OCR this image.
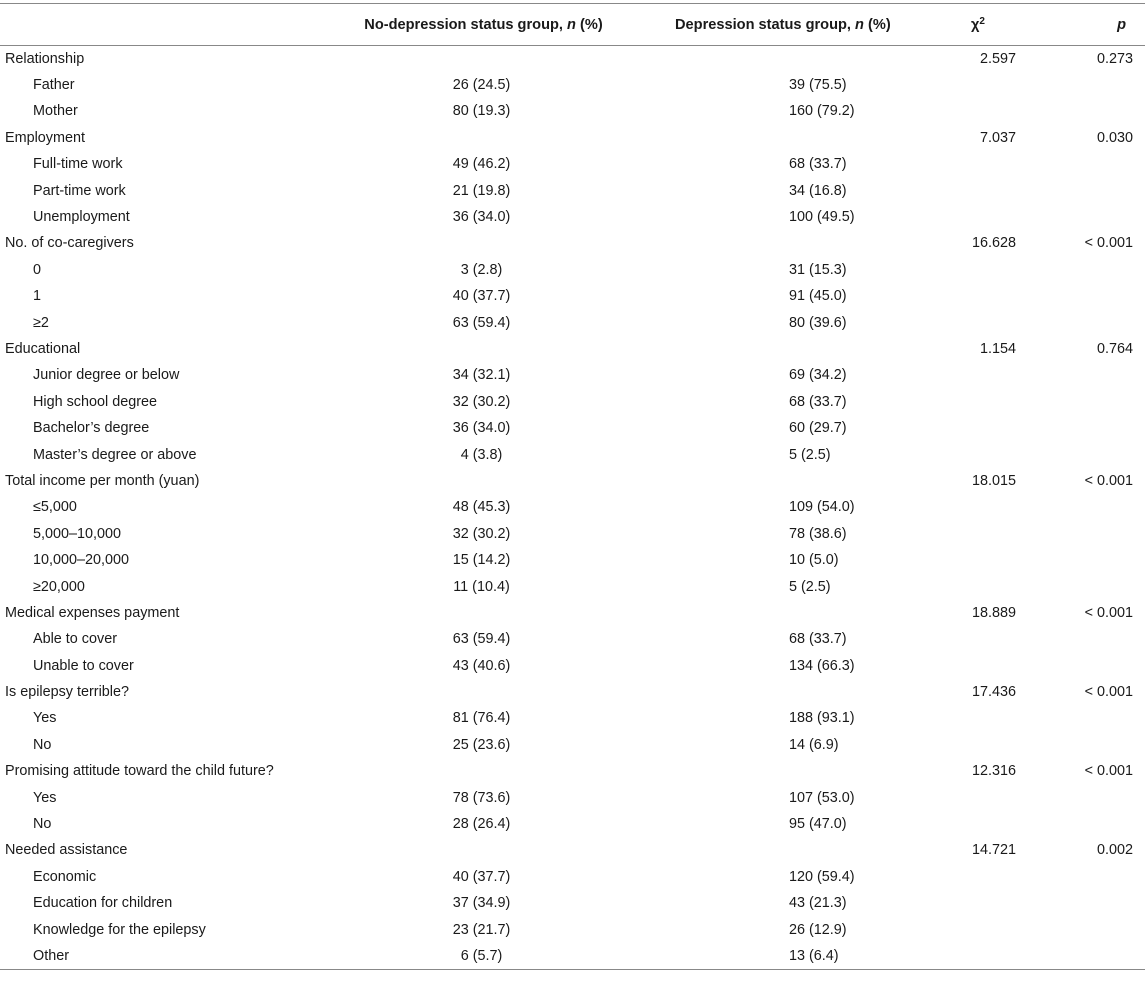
	No-depression status group, n (%)	Depression status group, n (%)	$\chi^2$	p
Relationship			2.597	0.273
Father	26 (24.5)	39 (75.5)		
Mother	80 (19.3)	160 (79.2)		
Employment			7.037	0.030
Full-time work	49 (46.2)	68 (33.7)		
Part-time work	21 (19.8)	34 (16.8)		
Unemployment	36 (34.0)	100 (49.5)		
No. of co-caregivers			16.628	< 0.001
0	3 (2.8)	31 (15.3)		
1	40 (37.7)	91 (45.0)		
≥2	63 (59.4)	80 (39.6)		
Educational			1.154	0.764
Junior degree or below	34 (32.1)	69 (34.2)		
High school degree	32 (30.2)	68 (33.7)		
Bachelor’s degree	36 (34.0)	60 (29.7)		
Master’s degree or above	4 (3.8)	5 (2.5)		
Total income per month (yuan)			18.015	< 0.001
≤5,000	48 (45.3)	109 (54.0)		
5,000–10,000	32 (30.2)	78 (38.6)		
10,000–20,000	15 (14.2)	10 (5.0)		
≥20,000	11 (10.4)	5 (2.5)		
Medical expenses payment			18.889	< 0.001
Able to cover	63 (59.4)	68 (33.7)		
Unable to cover	43 (40.6)	134 (66.3)		
Is epilepsy terrible?			17.436	< 0.001
Yes	81 (76.4)	188 (93.1)		
No	25 (23.6)	14 (6.9)		
Promising attitude toward the child future?			12.316	< 0.001
Yes	78 (73.6)	107 (53.0)		
No	28 (26.4)	95 (47.0)		
Needed assistance			14.721	0.002
Economic	40 (37.7)	120 (59.4)		
Education for children	37 (34.9)	43 (21.3)		
Knowledge for the epilepsy	23 (21.7)	26 (12.9)		
Other	6 (5.7)	13 (6.4)		
